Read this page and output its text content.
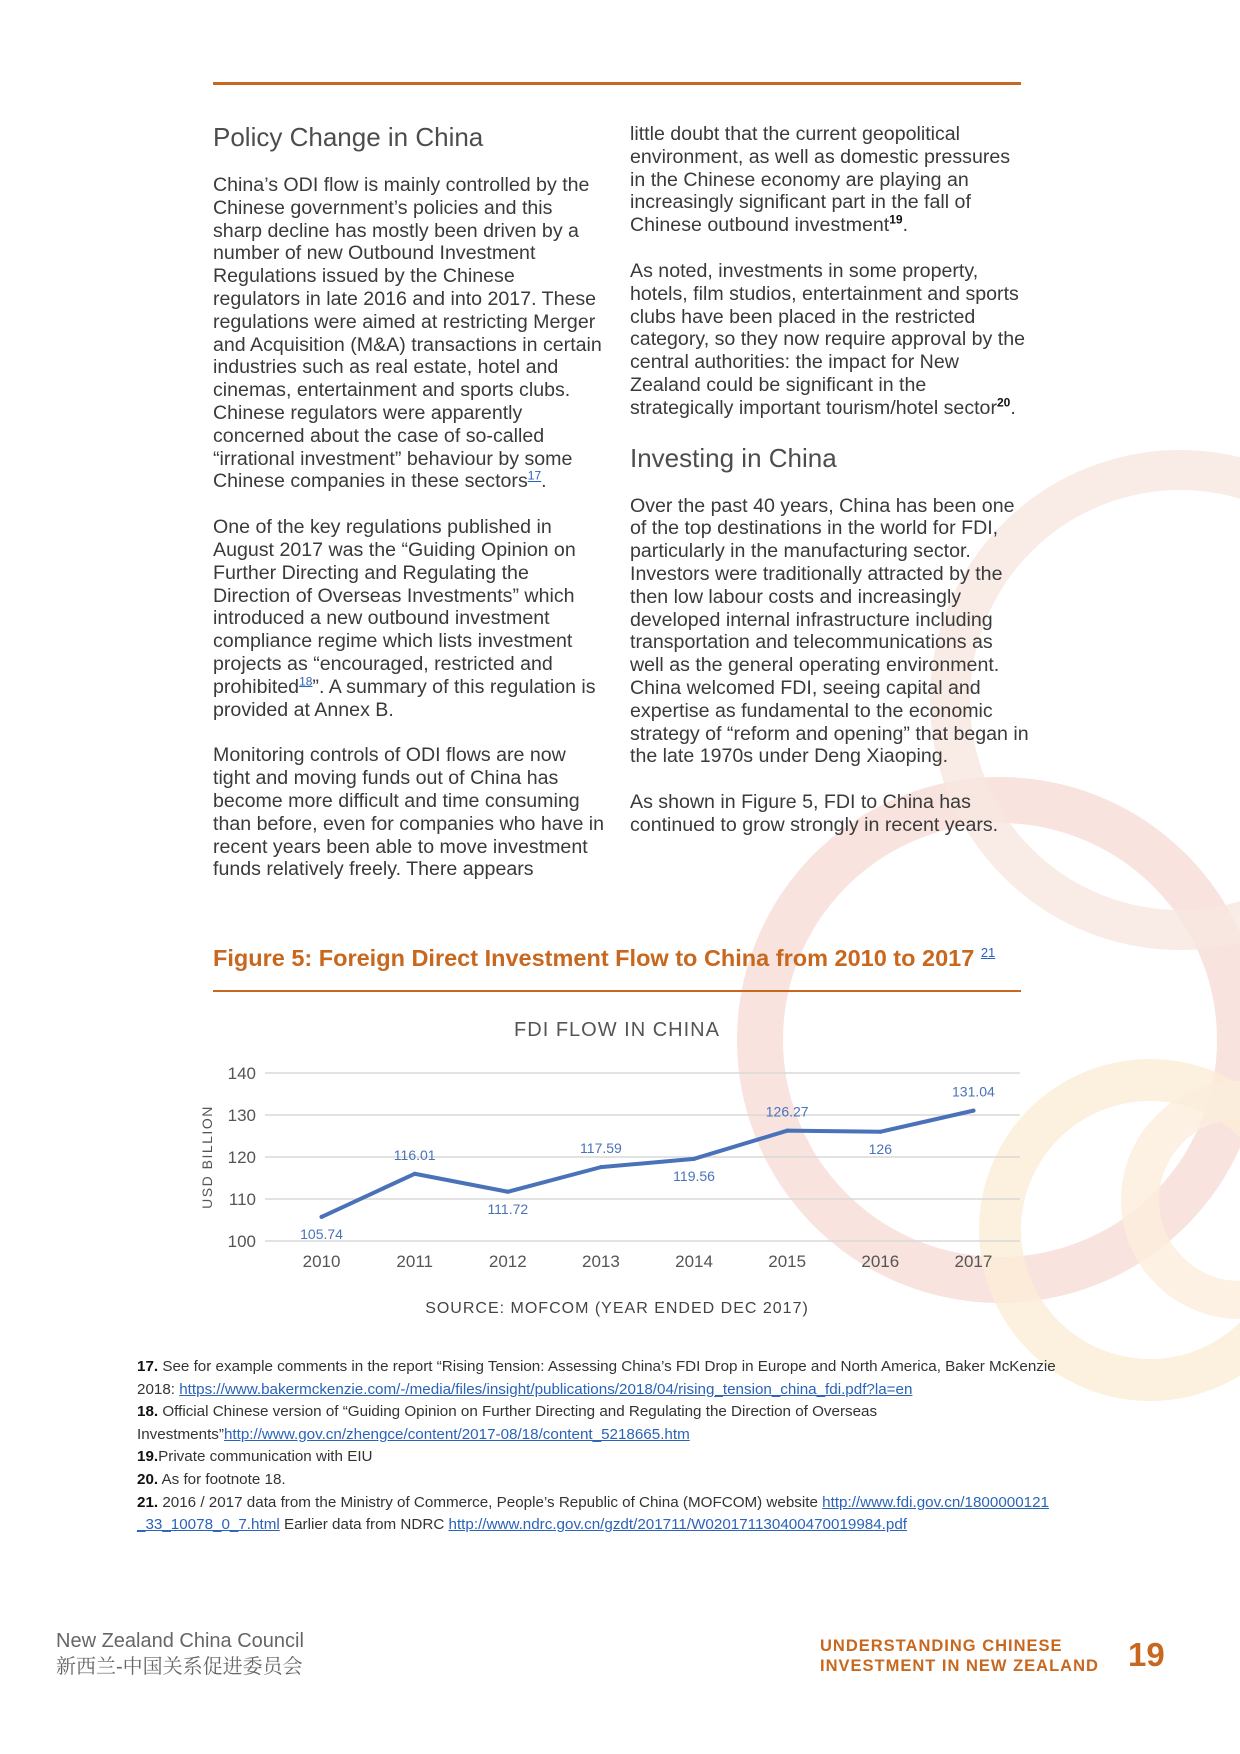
Policy Change in China

China’s ODI flow is mainly controlled by the Chinese government’s policies and this sharp decline has mostly been driven by a number of new Outbound Investment Regulations issued by the Chinese regulators in late 2016 and into 2017. These regulations were aimed at restricting Merger and Acquisition (M&A) transactions in certain industries such as real estate, hotel and cinemas, entertainment and sports clubs. Chinese regulators were apparently concerned about the case of so-called “irrational investment” behaviour by some Chinese companies in these sectors$^{17}$.

One of the key regulations published in August 2017 was the “Guiding Opinion on Further Directing and Regulating the Direction of Overseas Investments” which introduced a new outbound investment compliance regime which lists investment projects as “encouraged, restricted and prohibited$^{18}$”. A summary of this regulation is provided at Annex B.

Monitoring controls of ODI flows are now tight and moving funds out of China has become more difficult and time consuming than before, even for companies who have in recent years been able to move investment funds relatively freely. There appears

little doubt that the current geopolitical environment, as well as domestic pressures in the Chinese economy are playing an increasingly significant part in the fall of Chinese outbound investment$^{19}$.

As noted, investments in some property, hotels, film studios, entertainment and sports clubs have been placed in the restricted category, so they now require approval by the central authorities: the impact for New Zealand could be significant in the strategically important tourism/hotel sector$^{20}$.

Investing in China

Over the past 40 years, China has been one of the top destinations in the world for FDI, particularly in the manufacturing sector. Investors were traditionally attracted by the then low labour costs and increasingly developed internal infrastructure including transportation and telecommunications as well as the general operating environment. China welcomed FDI, seeing capital and expertise as fundamental to the economic strategy of “reform and opening” that began in the late 1970s under Deng Xiaoping.

As shown in Figure 5, FDI to China has continued to grow strongly in recent years.

Figure 5: Foreign Direct Investment Flow to China from 2010 to 2017 $^{21}$
FDI FLOW IN CHINA
100
110
120
130
140
USD BILLION
2010	2011	2012	2013	2014	2015	2016	2017
105.74
116.01
111.72
117.59
119.56
126.27
126
131.04
SOURCE: MOFCOM (YEAR ENDED DEC 2017)
17. See for example comments in the report “Rising Tension: Assessing China’s FDI Drop in Europe and North America, Baker McKenzie 2018: https://www.bakermckenzie.com/-/media/files/insight/publications/2018/04/rising_tension_china_fdi.pdf?la=en
18. Official Chinese version of “Guiding Opinion on Further Directing and Regulating the Direction of Overseas Investments”http://www.gov.cn/zhengce/content/2017-08/18/content_5218665.htm
19.Private communication with EIU
20. As for footnote 18.
21. 2016 / 2017 data from the Ministry of Commerce, People’s Republic of China (MOFCOM) website http://www.fdi.gov.cn/1800000121_33_10078_0_7.html Earlier data from NDRC http://www.ndrc.gov.cn/gzdt/201711/W020171130400470019984.pdf
New Zealand China Council
新西兰-中国关系促进委员会
UNDERSTANDING CHINESE
INVESTMENT IN NEW ZEALAND 19
